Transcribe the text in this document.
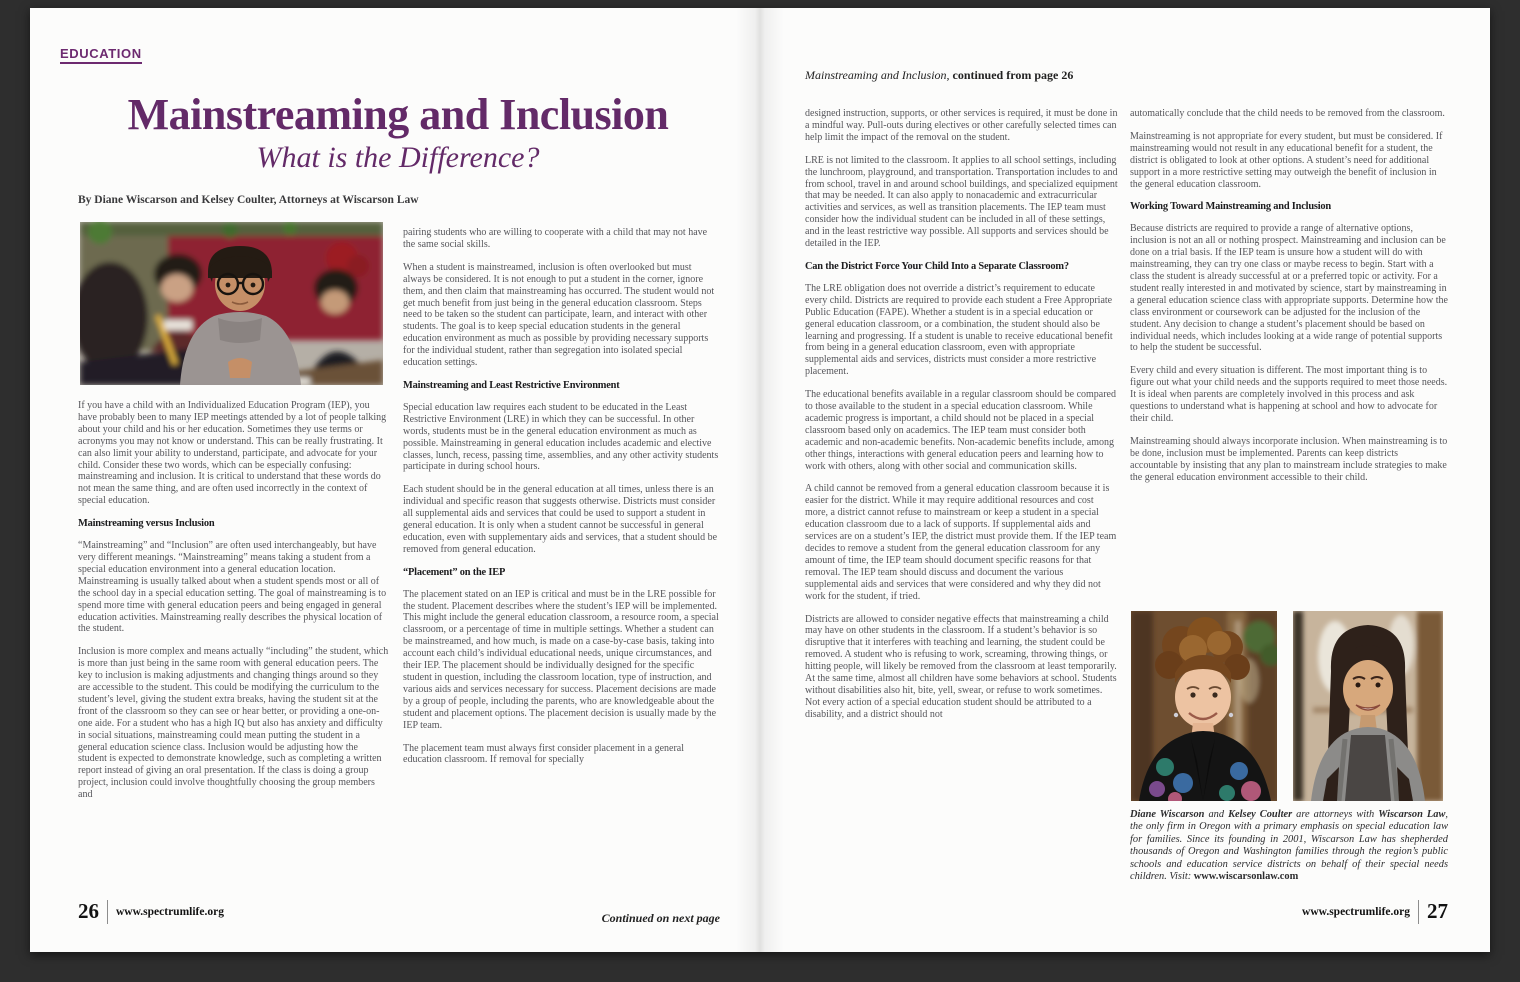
EDUCATION
Mainstreaming and Inclusion
What is the Difference?
By Diane Wiscarson and Kelsey Coulter, Attorneys at Wiscarson Law
If you have a child with an Individualized Education Program (IEP), you have probably been to many IEP meetings attended by a lot of people talking about your child and his or her education. Sometimes they use terms or acronyms you may not know or understand. This can be really frustrating. It can also limit your ability to understand, participate, and advocate for your child. Consider these two words, which can be especially confusing: mainstreaming and inclusion. It is critical to understand that these words do not mean the same thing, and are often used incorrectly in the context of special education.
Mainstreaming versus Inclusion
“Mainstreaming” and “Inclusion” are often used interchangeably, but have very different meanings. “Mainstreaming” means taking a student from a special education environment into a general education location. Mainstreaming is usually talked about when a student spends most or all of the school day in a special education setting. The goal of mainstreaming is to spend more time with general education peers and being engaged in general education activities. Mainstreaming really describes the physical location of the student.
Inclusion is more complex and means actually “including” the student, which is more than just being in the same room with general education peers. The key to inclusion is making adjustments and changing things around so they are accessible to the student. This could be modifying the curriculum to the student’s level, giving the student extra breaks, having the student sit at the front of the classroom so they can see or hear better, or providing a one-on-one aide. For a student who has a high IQ but also has anxiety and difficulty in social situations, mainstreaming could mean putting the student in a general education science class. Inclusion would be adjusting how the student is expected to demonstrate knowledge, such as completing a written report instead of giving an oral presentation. If the class is doing a group project, inclusion could involve thoughtfully choosing the group members and
pairing students who are willing to cooperate with a child that may not have the same social skills.
When a student is mainstreamed, inclusion is often overlooked but must always be considered. It is not enough to put a student in the corner, ignore them, and then claim that mainstreaming has occurred. The student would not get much benefit from just being in the general education classroom. Steps need to be taken so the student can participate, learn, and interact with other students. The goal is to keep special education students in the general education environment as much as possible by providing necessary supports for the individual student, rather than segregation into isolated special education settings.
Mainstreaming and Least Restrictive Environment
Special education law requires each student to be educated in the Least Restrictive Environment (LRE) in which they can be successful. In other words, students must be in the general education environment as much as possible. Mainstreaming in general education includes academic and elective classes, lunch, recess, passing time, assemblies, and any other activity students participate in during school hours.
Each student should be in the general education at all times, unless there is an individual and specific reason that suggests otherwise. Districts must consider all supplemental aids and services that could be used to support a student in general education. It is only when a student cannot be successful in general education, even with supplementary aids and services, that a student should be removed from general education.
“Placement” on the IEP
The placement stated on an IEP is critical and must be in the LRE possible for the student. Placement describes where the student’s IEP will be implemented. This might include the general education classroom, a resource room, a special classroom, or a percentage of time in multiple settings. Whether a student can be mainstreamed, and how much, is made on a case-by-case basis, taking into account each child’s individual educational needs, unique circumstances, and their IEP. The placement should be individually designed for the specific student in question, including the classroom location, type of instruction, and various aids and services necessary for success. Placement decisions are made by a group of people, including the parents, who are knowledgeable about the student and placement options. The placement decision is usually made by the IEP team.
The placement team must always first consider placement in a general education classroom. If removal for specially
26 www.spectrumlife.org	Continued on next page
Mainstreaming and Inclusion, continued from page 26
designed instruction, supports, or other services is required, it must be done in a mindful way. Pull-outs during electives or other carefully selected times can help limit the impact of the removal on the student.
LRE is not limited to the classroom. It applies to all school settings, including the lunchroom, playground, and transportation. Transportation includes to and from school, travel in and around school buildings, and specialized equipment that may be needed. It can also apply to nonacademic and extracurricular activities and services, as well as transition placements. The IEP team must consider how the individual student can be included in all of these settings, and in the least restrictive way possible. All supports and services should be detailed in the IEP.
Can the District Force Your Child Into a Separate Classroom?
The LRE obligation does not override a district’s requirement to educate every child. Districts are required to provide each student a Free Appropriate Public Education (FAPE). Whether a student is in a special education or general education classroom, or a combination, the student should also be learning and progressing. If a student is unable to receive educational benefit from being in a general education classroom, even with appropriate supplemental aids and services, districts must consider a more restrictive placement.
The educational benefits available in a regular classroom should be compared to those available to the student in a special education classroom. While academic progress is important, a child should not be placed in a special classroom based only on academics. The IEP team must consider both academic and non-academic benefits. Non-academic benefits include, among other things, interactions with general education peers and learning how to work with others, along with other social and communication skills.
A child cannot be removed from a general education classroom because it is easier for the district. While it may require additional resources and cost more, a district cannot refuse to mainstream or keep a student in a special education classroom due to a lack of supports. If supplemental aids and services are on a student’s IEP, the district must provide them. If the IEP team decides to remove a student from the general education classroom for any amount of time, the IEP team should document specific reasons for that removal. The IEP team should discuss and document the various supplemental aids and services that were considered and why they did not work for the student, if tried.
Districts are allowed to consider negative effects that mainstreaming a child may have on other students in the classroom. If a student’s behavior is so disruptive that it interferes with teaching and learning, the student could be removed. A student who is refusing to work, screaming, throwing things, or hitting people, will likely be removed from the classroom at least temporarily. At the same time, almost all children have some behaviors at school. Students without disabilities also hit, bite, yell, swear, or refuse to work sometimes. Not every action of a special education student should be attributed to a disability, and a district should not
automatically conclude that the child needs to be removed from the classroom.
Mainstreaming is not appropriate for every student, but must be considered. If mainstreaming would not result in any educational benefit for a student, the district is obligated to look at other options. A student’s need for additional support in a more restrictive setting may outweigh the benefit of inclusion in the general education classroom.
Working Toward Mainstreaming and Inclusion
Because districts are required to provide a range of alternative options, inclusion is not an all or nothing prospect. Mainstreaming and inclusion can be done on a trial basis. If the IEP team is unsure how a student will do with mainstreaming, they can try one class or maybe recess to begin. Start with a class the student is already successful at or a preferred topic or activity. For a student really interested in and motivated by science, start by mainstreaming in a general education science class with appropriate supports. Determine how the class environment or coursework can be adjusted for the inclusion of the student. Any decision to change a student’s placement should be based on individual needs, which includes looking at a wide range of potential supports to help the student be successful.
Every child and every situation is different. The most important thing is to figure out what your child needs and the supports required to meet those needs. It is ideal when parents are completely involved in this process and ask questions to understand what is happening at school and how to advocate for their child.
Mainstreaming should always incorporate inclusion. When mainstreaming is to be done, inclusion must be implemented. Parents can keep districts accountable by insisting that any plan to mainstream include strategies to make the general education environment accessible to their child.
Diane Wiscarson and Kelsey Coulter are attorneys with Wiscarson Law, the only firm in Oregon with a primary emphasis on special education law for families. Since its founding in 2001, Wiscarson Law has shepherded thousands of Oregon and Washington families through the region’s public schools and education service districts on behalf of their special needs children. Visit: www.wiscarsonlaw.com
www.spectrumlife.org 27
